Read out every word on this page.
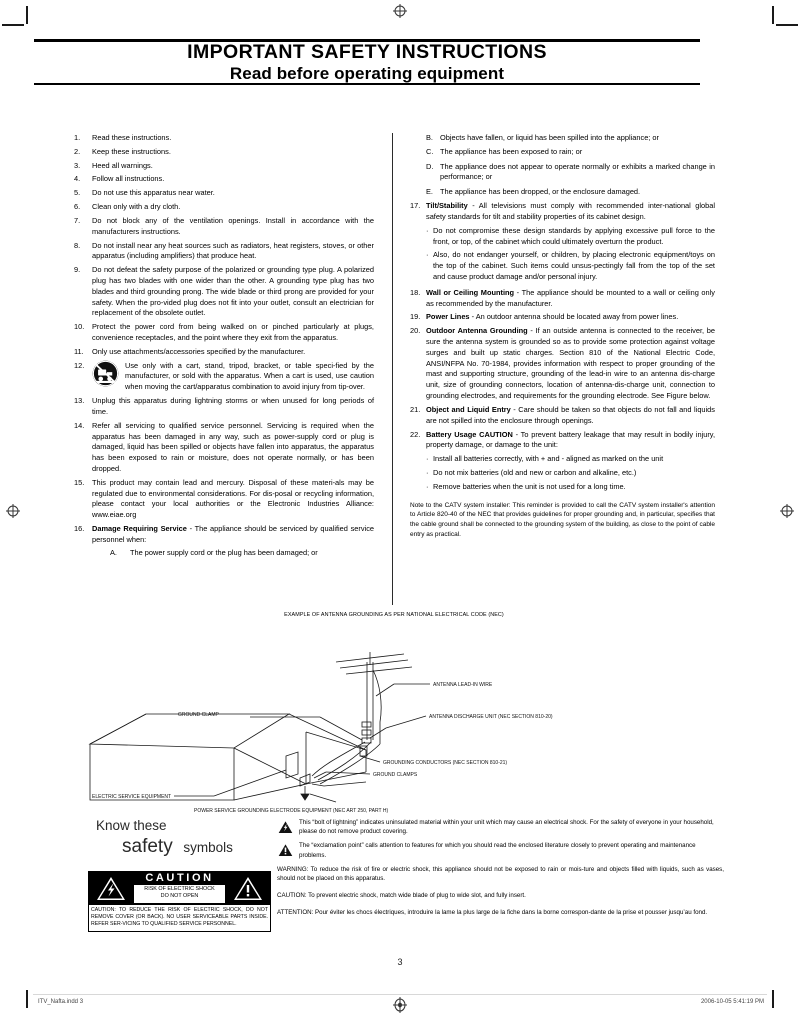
IMPORTANT SAFETY INSTRUCTIONS
Read before operating equipment
1.	Read these instructions.
2.	Keep these instructions.
3.	Heed all warnings.
4.	Follow all instructions.
5.	Do not use this apparatus near water.
6.	Clean only with a dry cloth.
7.	Do not block any of the ventilation openings. Install in accordance with the manufacturers instructions.
8.	Do not install near any heat sources such as radiators, heat registers, stoves, or other apparatus (including amplifiers) that produce heat.
9.	Do not defeat the safety purpose of the polarized or grounding type plug. A polarized plug has two blades with one wider than the other. A grounding type plug has two blades and third grounding prong. The wide blade or third prong are provided for your safety. When the pro-vided plug does not fit into your outlet, consult an electrician for replacement of the obsolete outlet.
10.	Protect the power cord from being walked on or pinched particularly at plugs, convenience receptacles, and the point where they exit from the apparatus.
11.	Only use attachments/accessories specified by the manufacturer.
12.	Use only with a cart, stand, tripod, bracket, or table speci-fied by the manufacturer, or sold with the apparatus. When a cart is used, use caution when moving the cart/apparatus combination to avoid injury from tip-over.
13.	Unplug this apparatus during lightning storms or when unused for long periods of time.
14.	Refer all servicing to qualified service personnel. Servicing is required when the apparatus has been damaged in any way, such as power-supply cord or plug is damaged, liquid has been spilled or objects have fallen into apparatus, the apparatus has been exposed to rain or moisture, does not operate normally, or has been dropped.
15.	This product may contain lead and mercury. Disposal of these materi-als may be regulated due to environmental considerations. For dis-posal or recycling information, please contact your local authorities or the Electronic Industries Alliance: www.eiae.org
16.	Damage Requiring Service - The appliance should be serviced by qualified service personnel when:
A.	The power supply cord or the plug has been damaged; or
B. Objects have fallen, or liquid has been spilled into the appliance; or
C. The appliance has been exposed to rain; or
D. The appliance does not appear to operate normally or exhibits a marked change in performance; or
E. The appliance has been dropped, or the enclosure damaged.
17. Tilt/Stability - All televisions must comply with recommended inter-national global safety standards for tilt and stability properties of its cabinet design.
· Do not compromise these design standards by applying excessive pull force to the front, or top, of the cabinet which could ultimately overturn the product.
· Also, do not endanger yourself, or children, by placing electronic equipment/toys on the top of the cabinet. Such items could unsus-pectingly fall from the top of the set and cause product damage and/or personal injury.
18. Wall or Ceiling Mounting - The appliance should be mounted to a wall or ceiling only as recommended by the manufacturer.
19. Power Lines - An outdoor antenna should be located away from power lines.
20. Outdoor Antenna Grounding - If an outside antenna is connected to the receiver, be sure the antenna system is grounded so as to provide some protection against voltage surges and built up static charges. Section 810 of the National Electric Code, ANSI/NFPA No. 70-1984, provides information with respect to proper grounding of the mast and supporting structure, grounding of the lead-in wire to an antenna dis-charge unit, size of grounding connectors, location of antenna-dis-charge unit, connection to grounding electrodes, and requirements for the grounding electrode. See Figure below.
21. Object and Liquid Entry - Care should be taken so that objects do not fall and liquids are not spilled into the enclosure through openings.
22. Battery Usage CAUTION - To prevent battery leakage that may result in bodily injury, property damage, or damage to the unit:
· Install all batteries correctly, with + and - aligned as marked on the unit
· Do not mix batteries (old and new or carbon and alkaline, etc.)
· Remove batteries when the unit is not used for a long time.
Note to the CATV system installer: This reminder is provided to call the CATV system installer's attention to Article 820-40 of the NEC that provides guidelines for proper grounding and, in particular, specifies that the cable ground shall be connected to the grounding system of the building, as close to the point of cable entry as practical.
EXAMPLE OF ANTENNA GROUNDING AS PER NATIONAL ELECTRICAL CODE (NEC)
GROUND CLAMP
ANTENNA LEAD-IN WIRE
ANTENNA DISCHARGE UNIT (NEC SECTION 810-20)
GROUNDING CONDUCTORS (NEC SECTION 810-21)
GROUND CLAMPS
ELECTRIC SERVICE EQUIPMENT
POWER SERVICE GROUNDING ELECTRODE EQUIPMENT (NEC ART 250, PART H)
Know these
safety symbols
CAUTION
RISK OF ELECTRIC SHOCK
DO NOT OPEN
CAUTION: TO REDUCE THE RISK OF ELECTRIC SHOCK, DO NOT REMOVE COVER (OR BACK). NO USER SERVICEABLE PARTS INSIDE. REFER SER-VICING TO QUALIFIED SERVICE PERSONNEL.
This “bolt of lightning” indicates uninsulated material within your unit which may cause an electrical shock. For the safety of everyone in your household, please do not remove product covering.
The “exclamation point” calls attention to features for which you should read the enclosed literature closely to prevent operating and maintenance problems.
WARNING: To reduce the risk of fire or electric shock, this appliance should not be exposed to rain or mois-ture and objects filled with liquids, such as vases, should not be placed on this apparatus.
CAUTION: To prevent electric shock, match wide blade of plug to wide slot, and fully insert.
ATTENTION: Pour éviter les chocs électriques, introduire la lame la plus large de la fiche dans la borne correspon-dante de la prise et pousser jusqu’au fond.
3
ITV_Nafta.indd 3	2006-10-05 5:41:19 PM
